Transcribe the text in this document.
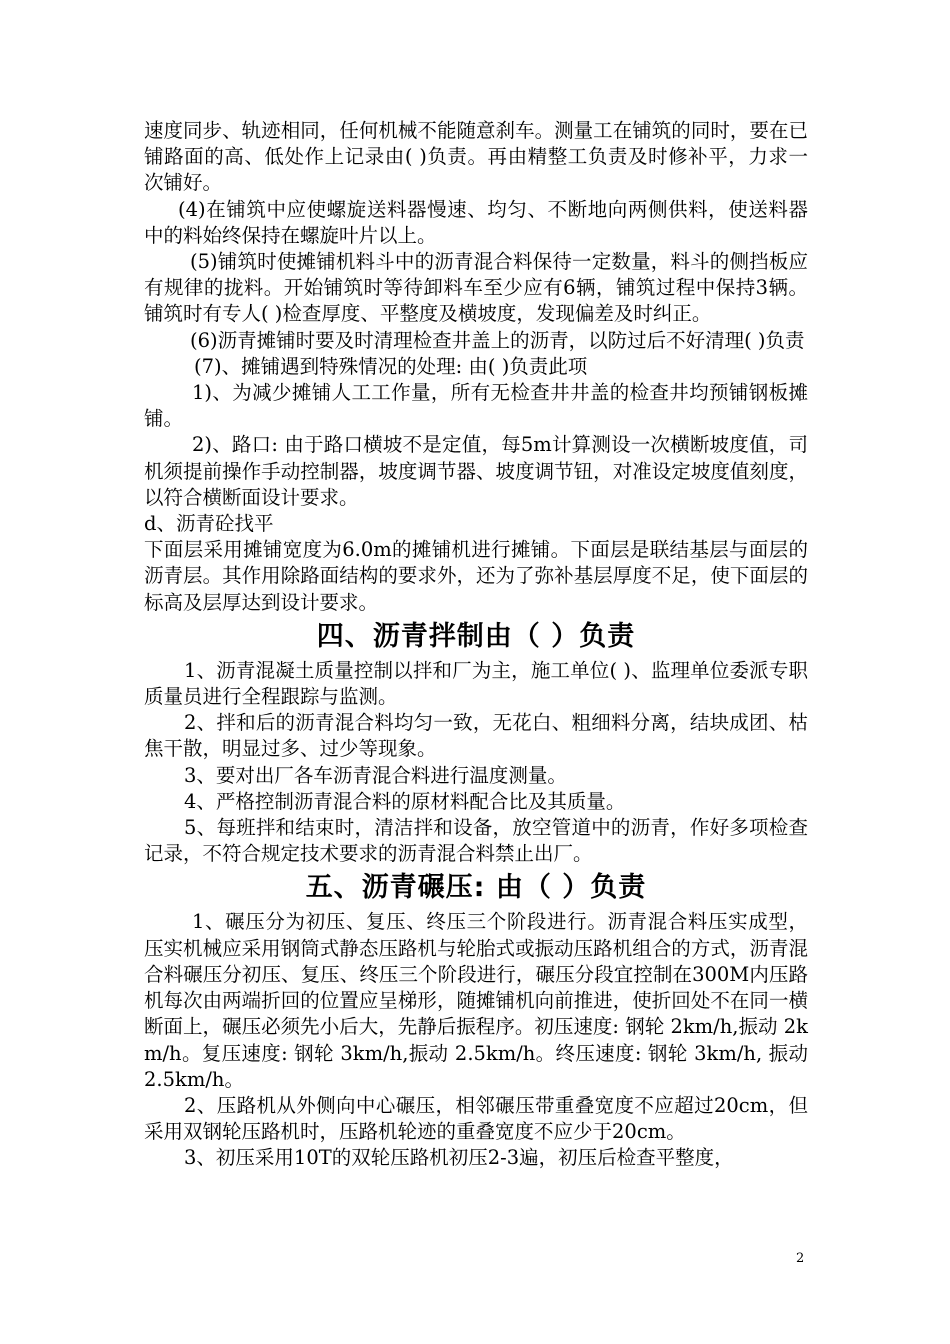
速度同步、轨迹相同，任何机械不能随意刹车。测量工在铺筑的同时，要在已铺路面的高、低处作上记录由( )负责。再由精整工负责及时修补平，力求一次铺好。

(4)在铺筑中应使螺旋送料器慢速、均匀、不断地向两侧供料，使送料器中的料始终保持在螺旋叶片以上。

(5)铺筑时使摊铺机料斗中的沥青混合料保待一定数量，料斗的侧挡板应有规律的拢料。开始铺筑时等待卸料车至少应有6辆，铺筑过程中保持3辆。铺筑时有专人( )检查厚度、平整度及横坡度，发现偏差及时纠正。

(6)沥青摊铺时要及时清理检查井盖上的沥青，以防过后不好清理( )负责

(7)、摊铺遇到特殊情况的处理: 由( )负责此项

1)、为减少摊铺人工工作量，所有无检查井井盖的检查井均预铺钢板摊铺。

2)、路口: 由于路口横坡不是定值，每5m计算测设一次横断坡度值，司机须提前操作手动控制器，坡度调节器、坡度调节钮，对准设定坡度值刻度，以符合横断面设计要求。

d、沥青砼找平

下面层采用摊铺宽度为6.0m的摊铺机进行摊铺。下面层是联结基层与面层的沥青层。其作用除路面结构的要求外，还为了弥补基层厚度不足，使下面层的标高及层厚达到设计要求。

四、沥青拌制由（ ）负责

1、沥青混凝土质量控制以拌和厂为主，施工单位( )、监理单位委派专职质量员进行全程跟踪与监测。

2、拌和后的沥青混合料均匀一致，无花白、粗细料分离，结块成团、枯焦干散，明显过多、过少等现象。

3、要对出厂各车沥青混合料进行温度测量。

4、严格控制沥青混合料的原材料配合比及其质量。

5、每班拌和结束时，清洁拌和设备，放空管道中的沥青，作好多项检查记录，不符合规定技术要求的沥青混合料禁止出厂。

五、沥青碾压: 由（ ）负责

1、碾压分为初压、复压、终压三个阶段进行。沥青混合料压实成型，压实机械应采用钢筒式静态压路机与轮胎式或振动压路机组合的方式，沥青混合料碾压分初压、复压、终压三个阶段进行，碾压分段宜控制在300M内压路机每次由两端折回的位置应呈梯形，随摊铺机向前推进，使折回处不在同一横断面上，碾压必须先小后大，先静后振程序。初压速度: 钢轮 2km/h,振动 2km/h。复压速度: 钢轮 3km/h,振动 2.5km/h。终压速度: 钢轮 3km/h, 振动 2.5km/h。

2、压路机从外侧向中心碾压，相邻碾压带重叠宽度不应超过20cm，但采用双钢轮压路机时，压路机轮迹的重叠宽度不应少于20cm。

3、初压采用10T的双轮压路机初压2-3遍，初压后检查平整度，

2
